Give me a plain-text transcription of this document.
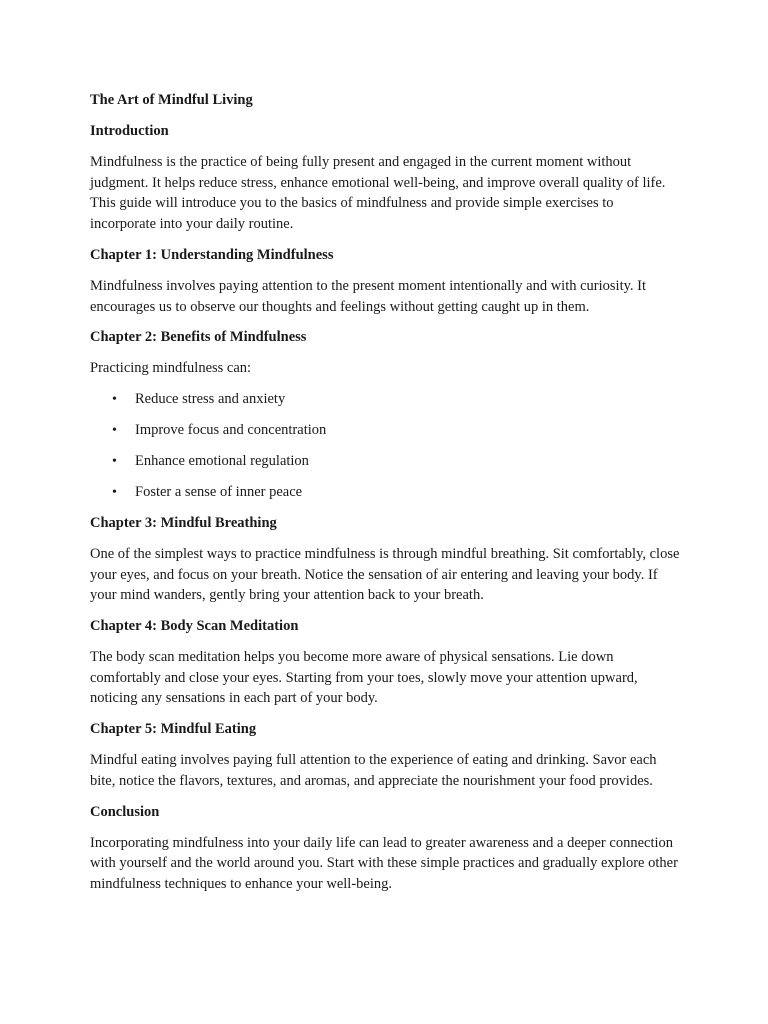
The Art of Mindful Living
Introduction

Mindfulness is the practice of being fully present and engaged in the current moment without judgment. It helps reduce stress, enhance emotional well-being, and improve overall quality of life. This guide will introduce you to the basics of mindfulness and provide simple exercises to incorporate into your daily routine.

Chapter 1: Understanding Mindfulness

Mindfulness involves paying attention to the present moment intentionally and with curiosity. It encourages us to observe our thoughts and feelings without getting caught up in them.

Chapter 2: Benefits of Mindfulness

Practicing mindfulness can:

• Reduce stress and anxiety
• Improve focus and concentration
• Enhance emotional regulation
• Foster a sense of inner peace
Chapter 3: Mindful Breathing

One of the simplest ways to practice mindfulness is through mindful breathing. Sit comfortably, close your eyes, and focus on your breath. Notice the sensation of air entering and leaving your body. If your mind wanders, gently bring your attention back to your breath.

Chapter 4: Body Scan Meditation

The body scan meditation helps you become more aware of physical sensations. Lie down comfortably and close your eyes. Starting from your toes, slowly move your attention upward, noticing any sensations in each part of your body.

Chapter 5: Mindful Eating

Mindful eating involves paying full attention to the experience of eating and drinking. Savor each bite, notice the flavors, textures, and aromas, and appreciate the nourishment your food provides.

Conclusion

Incorporating mindfulness into your daily life can lead to greater awareness and a deeper connection with yourself and the world around you. Start with these simple practices and gradually explore other mindfulness techniques to enhance your well-being.
